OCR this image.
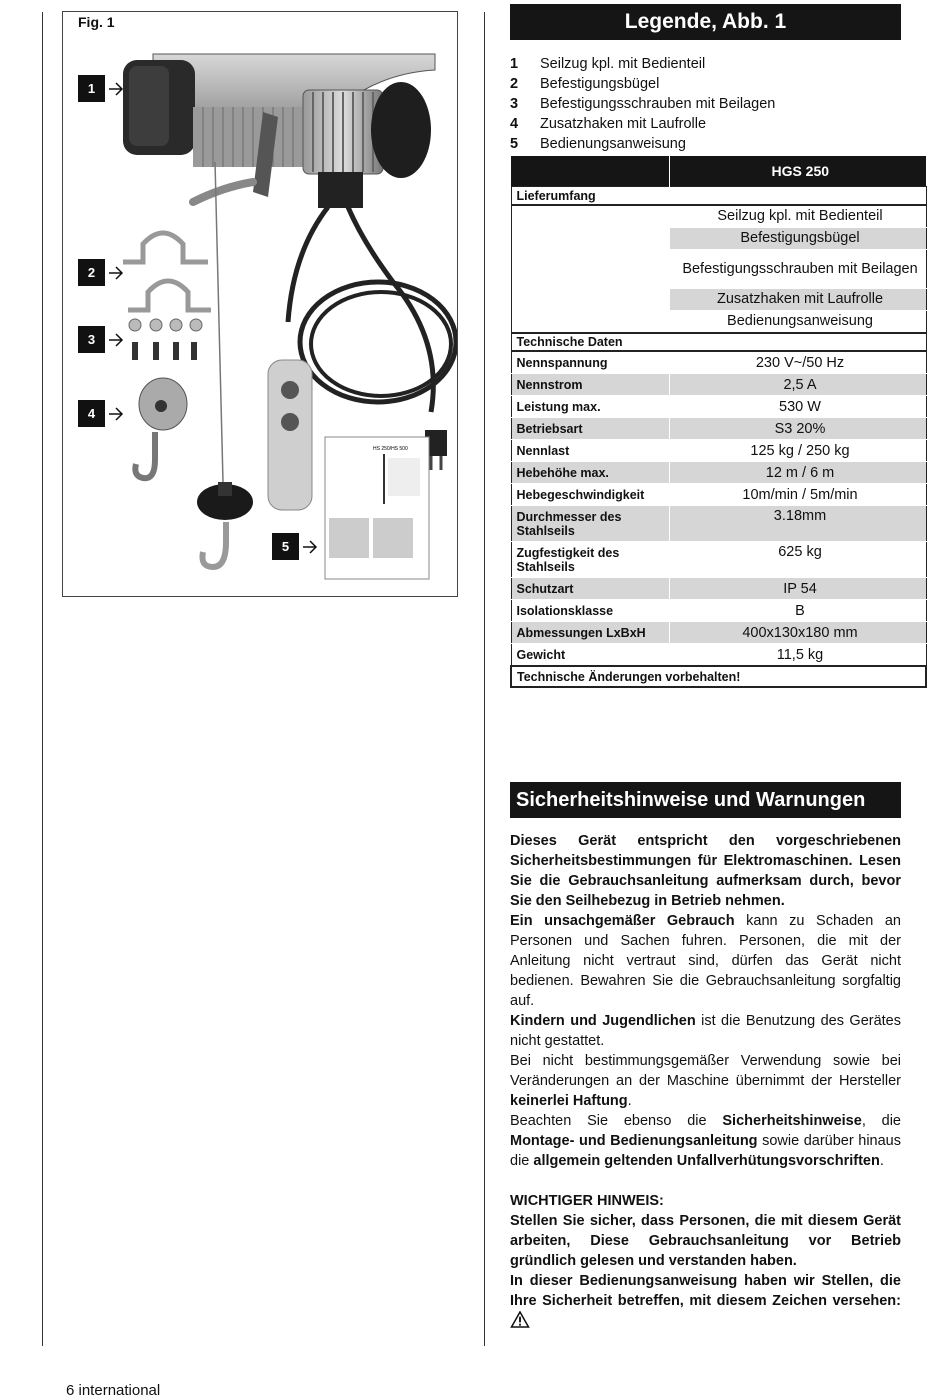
HS 250/HS 500
Fig. 1
1
2
3
4
5
Legende, Abb. 1
1 Seilzug kpl. mit Bedienteil
2 Befestigungsbügel
3 Befestigungsschrauben mit Beilagen
4 Zusatzhaken mit Laufrolle
5 Bedienungsanweisung
	HGS 250
Lieferumfang	
	Seilzug kpl. mit Bedienteil
	Befestigungsbügel
	Befestigungsschrauben mit Beilagen
	Zusatzhaken mit Laufrolle
	Bedienungsanweisung
Technische Daten	
Nennspannung	230 V~/50 Hz
Nennstrom	2,5 A
Leistung max.	530 W
Betriebsart	S3 20%
Nennlast	125 kg / 250 kg
Hebehöhe max.	12 m / 6 m
Hebegeschwindigkeit	10m/min / 5m/min
Durchmesser des Stahlseils	3.18mm
Zugfestigkeit des Stahlseils	625 kg
Schutzart	IP 54
Isolationsklasse	B
Abmessungen LxBxH	400x130x180 mm
Gewicht	11,5 kg
Technische Änderungen vorbehalten!	
Sicherheitshinweise und Warnungen

Dieses Gerät entspricht den vorgeschriebenen Sicherheitsbestimmungen für Elektromaschinen. Lesen Sie die Gebrauchsanleitung aufmerksam durch, bevor Sie den Seilhebezug in Betrieb nehmen.

Ein unsachgemäßer Gebrauch kann zu Schaden an Personen und Sachen fuhren. Personen, die mit der Anleitung nicht vertraut sind, dürfen das Gerät nicht bedienen. Bewahren Sie die Gebrauchsanleitung sorgfaltig auf.

Kindern und Jugendlichen ist die Benutzung des Gerätes nicht gestattet.

Bei nicht bestimmungsgemäßer Verwendung sowie bei Veränderungen an der Maschine übernimmt der Hersteller keinerlei Haftung.

Beachten Sie ebenso die Sicherheitshinweise, die Montage- und Bedienungsanleitung sowie darüber hinaus die allgemein geltenden Unfallverhütungsvorschriften.

WICHTIGER HINWEIS:

Stellen Sie sicher, dass Personen, die mit diesem Gerät arbeiten, Diese Gebrauchsanleitung vor Betrieb gründlich gelesen und verstanden haben.

In dieser Bedienungsanweisung haben wir Stellen, die Ihre Sicherheit betreffen, mit diesem Zeichen versehen:

6 international
